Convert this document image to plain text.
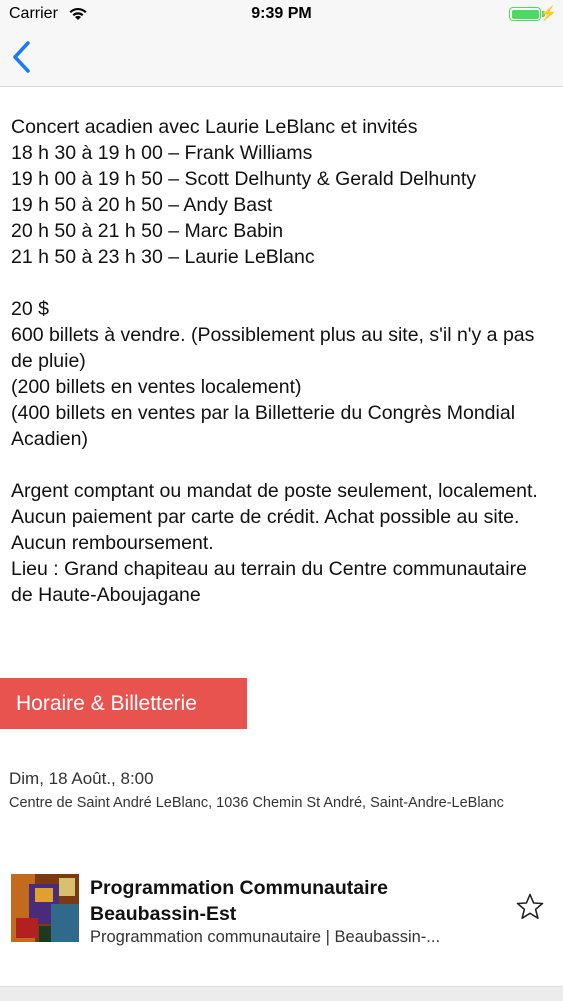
Carrier	9:39 PM	⚡
Concert acadien avec Laurie LeBlanc et invités
18 h 30 à 19 h 00 – Frank Williams
19 h 00 à 19 h 50 – Scott Delhunty & Gerald Delhunty
19 h 50 à 20 h 50 – Andy Bast
20 h 50 à 21 h 50 – Marc Babin
21 h 50 à 23 h 30 – Laurie LeBlanc
20 $
600 billets à vendre. (Possiblement plus au site, s'il n'y a pas de pluie)
(200 billets en ventes localement)
(400 billets en ventes par la Billetterie du Congrès Mondial Acadien)
Argent comptant ou mandat de poste seulement, localement. Aucun paiement par carte de crédit. Achat possible au site. Aucun remboursement.
Lieu : Grand chapiteau au terrain du Centre communautaire de Haute-Aboujagane
Horaire & Billetterie
Dim, 18 Août., 8:00
Centre de Saint André LeBlanc, 1036 Chemin St André, Saint-Andre-LeBlanc
Programmation Communautaire Beaubassin-Est
Programmation communautaire | Beaubassin-...
